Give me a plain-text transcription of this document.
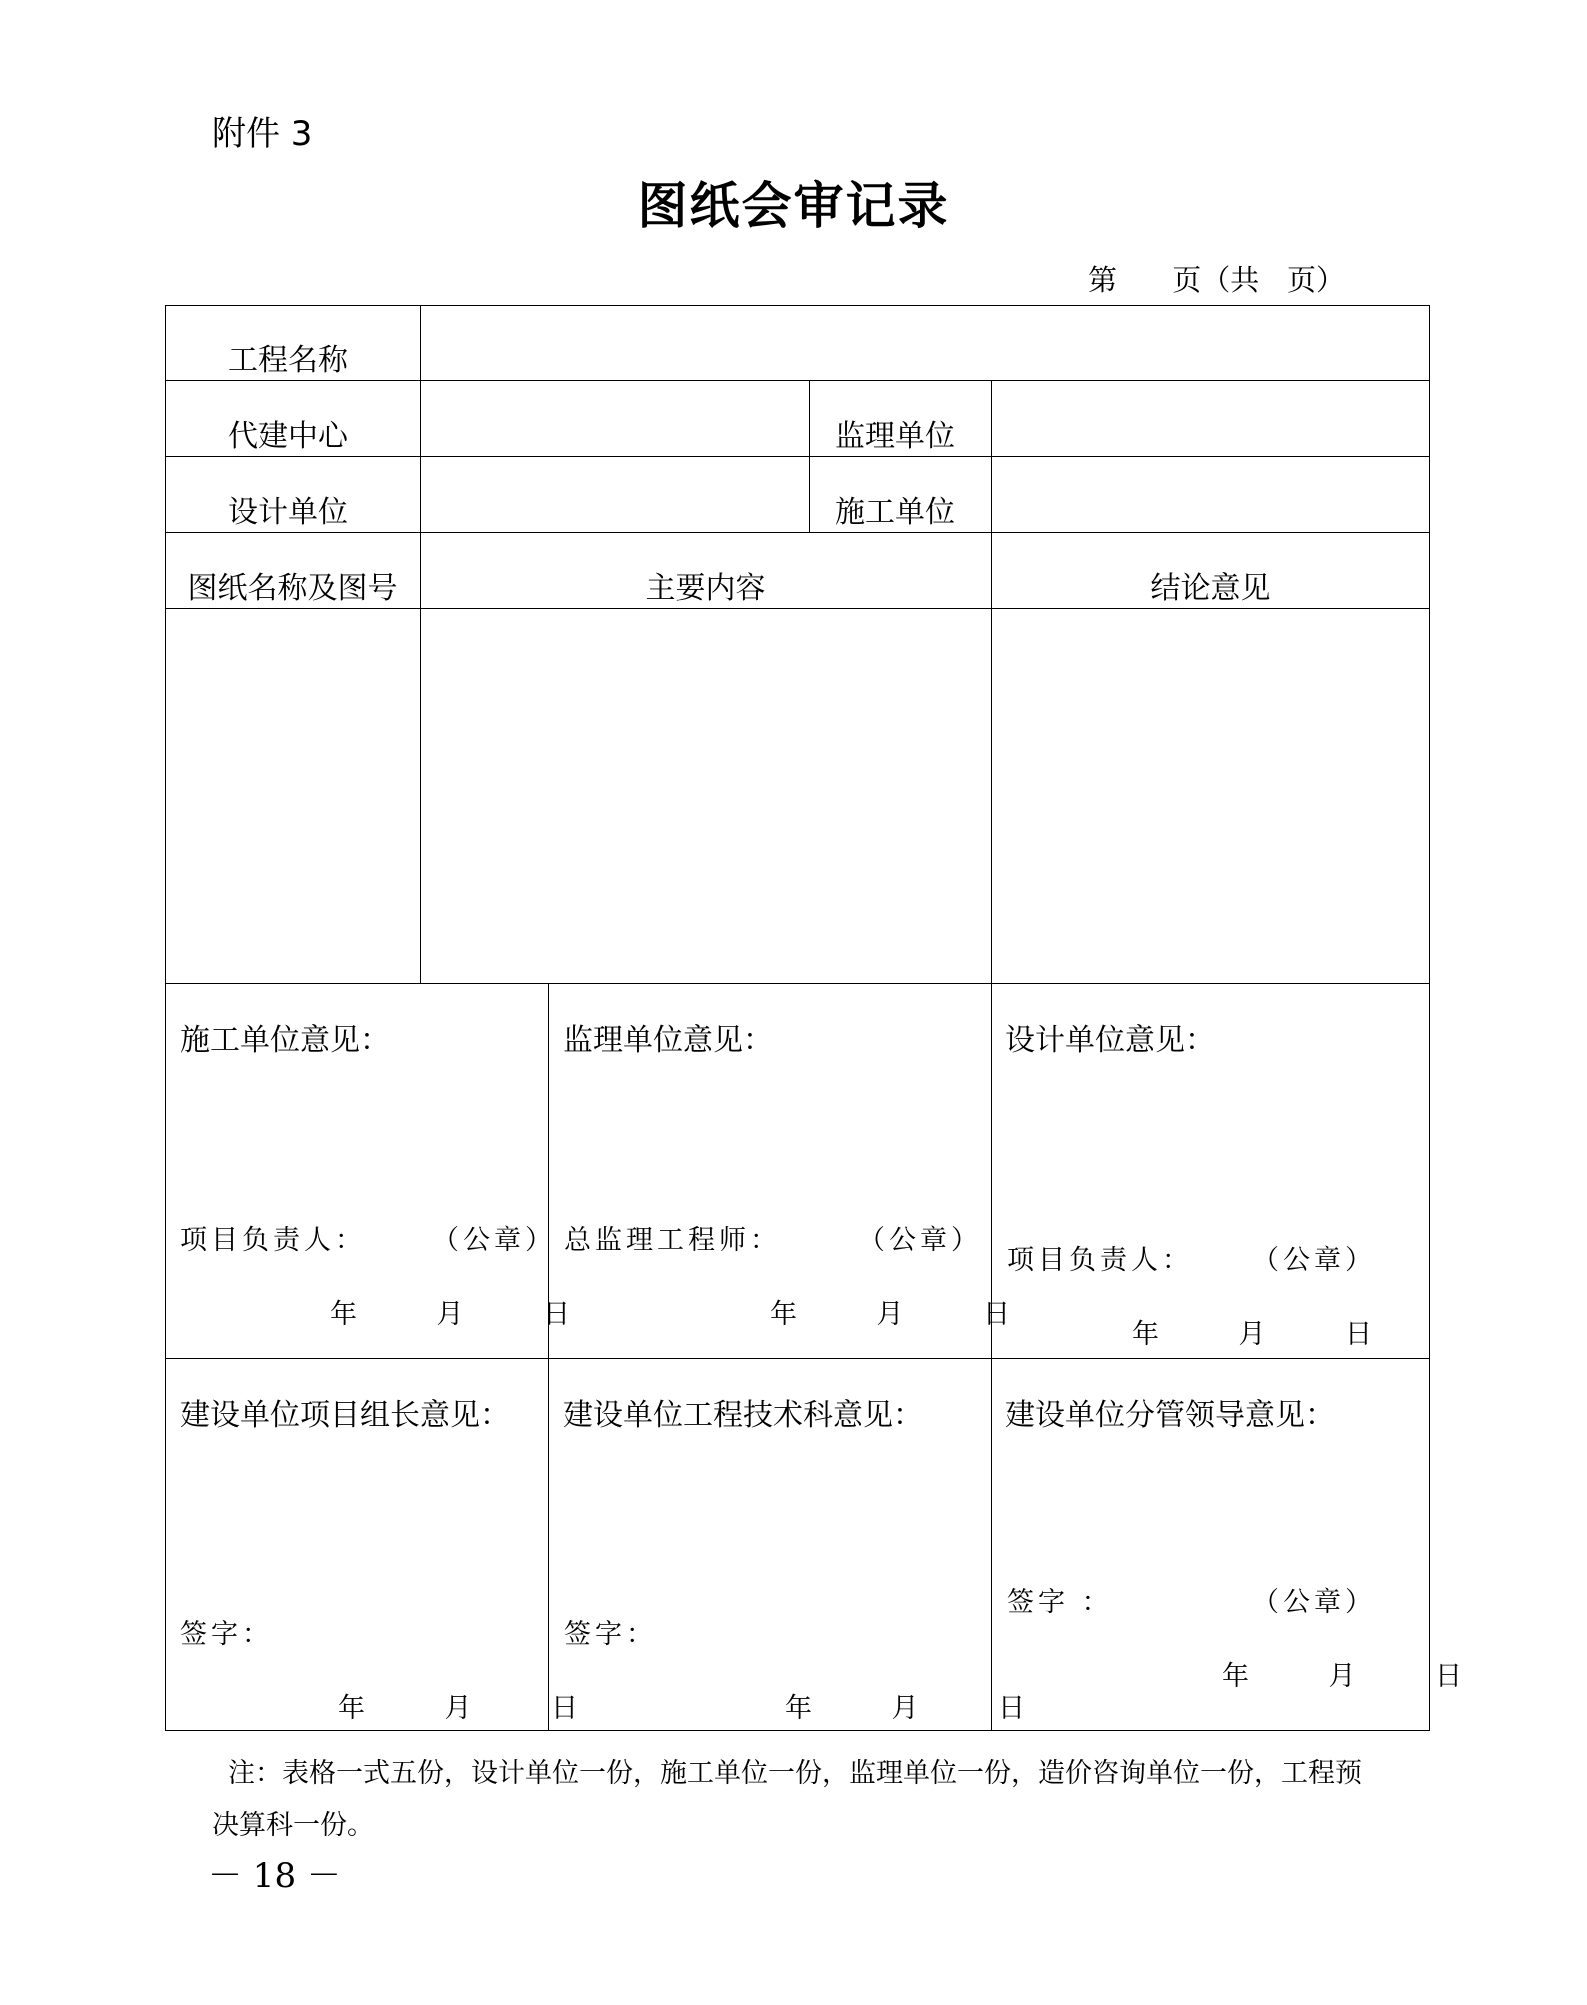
附件 3
图纸会审记录
第      页（共   页）
工程名称
代建中心	监理单位
设计单位	施工单位
图纸名称及图号	主要内容	结论意见
施工单位意见：
项目负责人： （公章）
年      月      日
监理单位意见：
总监理工程师：	（公章）
年      月      日
设计单位意见：
项目负责人： （公章）
年      月      日
建设单位项目组长意见：
签字：
年      月      日
建设单位工程技术科意见：
签字：
年      月      日
建设单位分管领导意见：
签字 ：	（公章）
年      月      日
注：表格一式五份，设计单位一份，施工单位一份，监理单位一份，造价咨询单位一份，工程预
决算科一份。
－ 18 －
